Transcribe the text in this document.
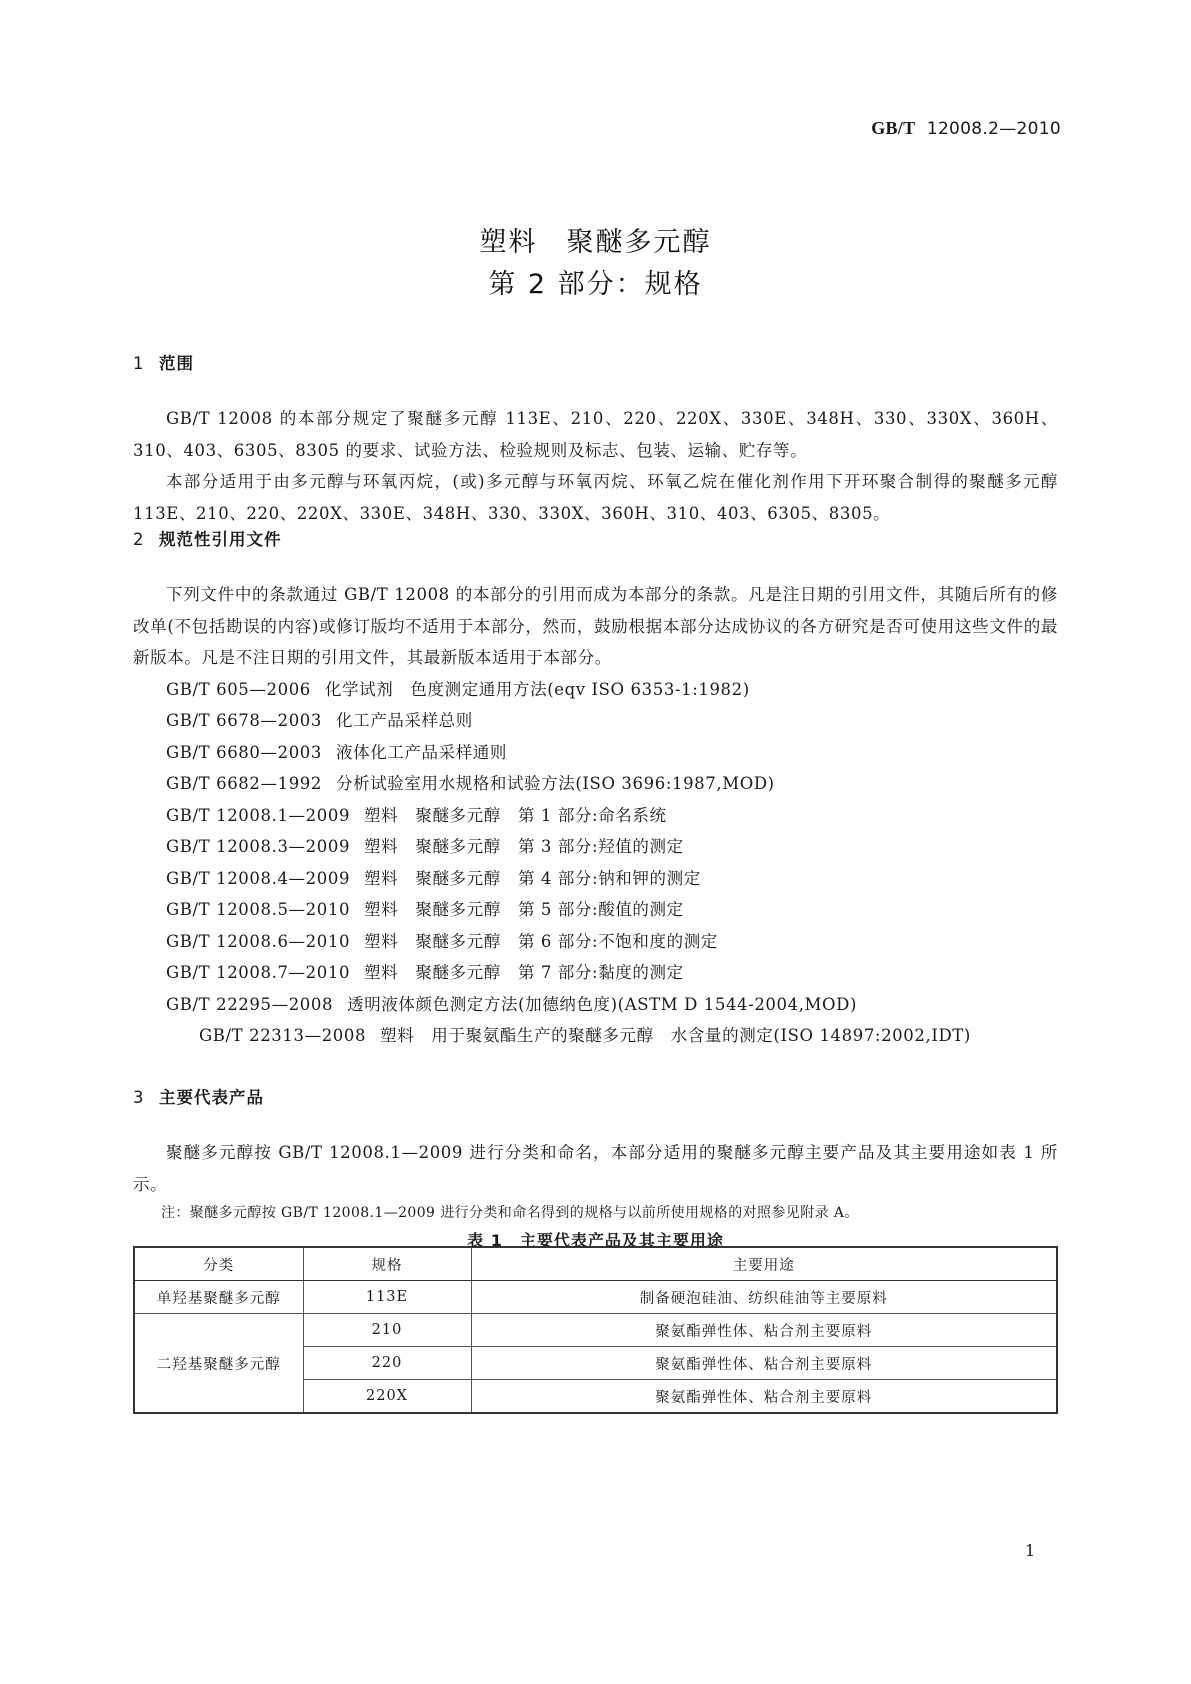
GB/T 12008.2—2010
塑料　聚醚多元醇
第 2 部分：规格
1 范围

GB/T 12008 的本部分规定了聚醚多元醇 113E、210、220、220X、330E、348H、330、330X、360H、310、403、6305、8305 的要求、试验方法、检验规则及标志、包装、运输、贮存等。

本部分适用于由多元醇与环氧丙烷，(或)多元醇与环氧丙烷、环氧乙烷在催化剂作用下开环聚合制得的聚醚多元醇 113E、210、220、220X、330E、348H、330、330X、360H、310、403、6305、8305。

2 规范性引用文件

下列文件中的条款通过 GB/T 12008 的本部分的引用而成为本部分的条款。凡是注日期的引用文件，其随后所有的修改单(不包括勘误的内容)或修订版均不适用于本部分，然而，鼓励根据本部分达成协议的各方研究是否可使用这些文件的最新版本。凡是不注日期的引用文件，其最新版本适用于本部分。

GB/T 605—2006 化学试剂　色度测定通用方法(eqv ISO 6353-1:1982)
GB/T 6678—2003 化工产品采样总则
GB/T 6680—2003 液体化工产品采样通则
GB/T 6682—1992 分析试验室用水规格和试验方法(ISO 3696:1987,MOD)
GB/T 12008.1—2009 塑料　聚醚多元醇　第 1 部分:命名系统
GB/T 12008.3—2009 塑料　聚醚多元醇　第 3 部分:羟值的测定
GB/T 12008.4—2009 塑料　聚醚多元醇　第 4 部分:钠和钾的测定
GB/T 12008.5—2010 塑料　聚醚多元醇　第 5 部分:酸值的测定
GB/T 12008.6—2010 塑料　聚醚多元醇　第 6 部分:不饱和度的测定
GB/T 12008.7—2010 塑料　聚醚多元醇　第 7 部分:黏度的测定
GB/T 22295—2008 透明液体颜色测定方法(加德纳色度)(ASTM D 1544-2004,MOD)
GB/T 22313—2008 塑料　用于聚氨酯生产的聚醚多元醇　水含量的测定(ISO 14897:2002,IDT)
3 主要代表产品

聚醚多元醇按 GB/T 12008.1—2009 进行分类和命名，本部分适用的聚醚多元醇主要产品及其主要用途如表 1 所示。

注：聚醚多元醇按 GB/T 12008.1—2009 进行分类和命名得到的规格与以前所使用规格的对照参见附录 A。
表 1　主要代表产品及其主要用途
分类	规格	主要用途
单羟基聚醚多元醇	113E	制备硬泡硅油、纺织硅油等主要原料
二羟基聚醚多元醇	210	聚氨酯弹性体、粘合剂主要原料
	220	聚氨酯弹性体、粘合剂主要原料
	220X	聚氨酯弹性体、粘合剂主要原料
1
